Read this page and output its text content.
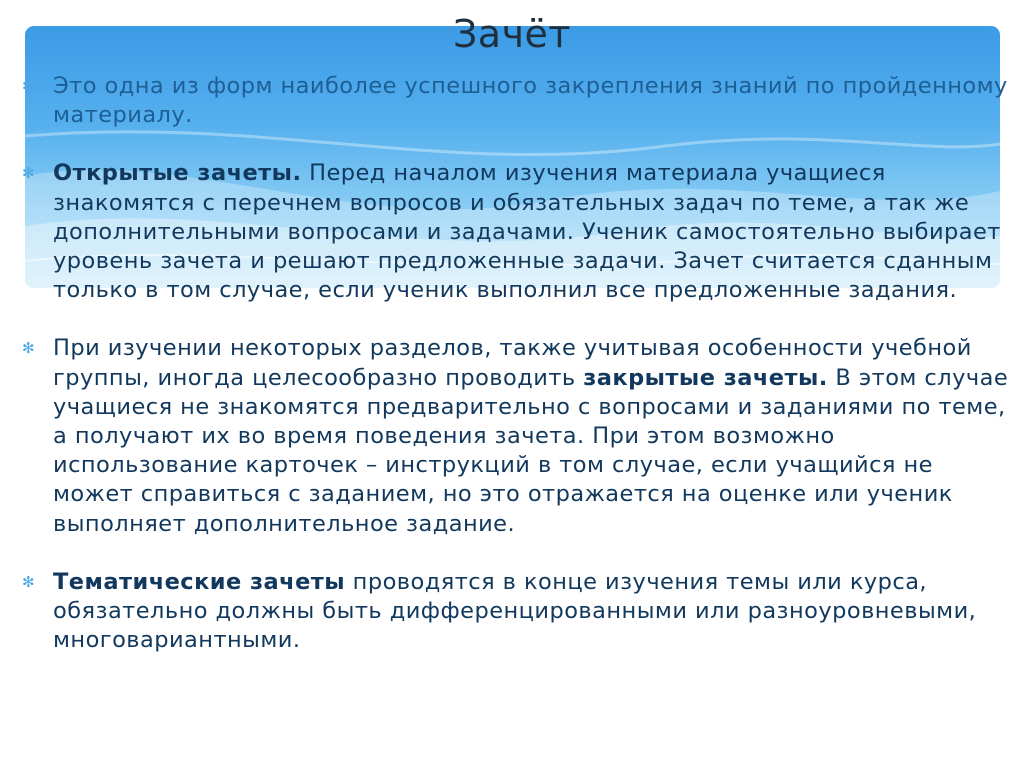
Зачёт
✻ Это одна из форм наиболее успешного закрепления знаний по пройденному материалу.
✻ Открытые зачеты. Перед началом изучения материала учащиеся знакомятся с перечнем вопросов и обязательных задач по теме, а так же дополнительными вопросами и задачами. Ученик самостоятельно выбирает уровень зачета и решают предложенные задачи. Зачет считается сданным только в том случае, если ученик выполнил все предложенные задания.
✻ При изучении некоторых разделов, также учитывая особенности учебной группы, иногда целесообразно проводить закрытые зачеты. В этом случае учащиеся не знакомятся предварительно с вопросами и заданиями по теме, а получают их во время поведения зачета. При этом возможно использование карточек – инструкций в том случае, если учащийся не может справиться с заданием, но это отражается на оценке или ученик выполняет дополнительное задание.
✻ Тематические зачеты проводятся в конце изучения темы или курса, обязательно должны быть дифференцированными или разноуровневыми, многовариантными.
